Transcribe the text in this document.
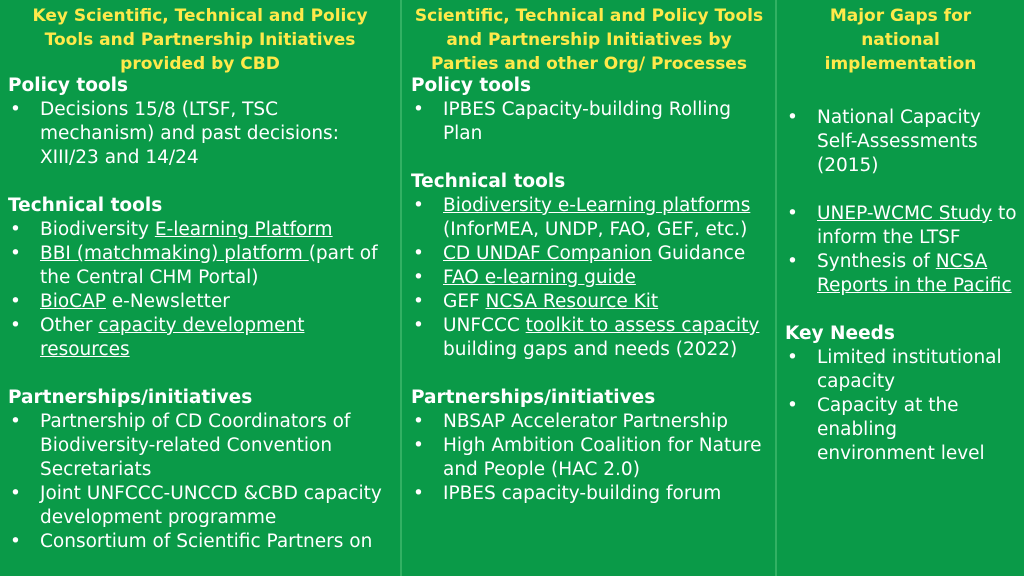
Key Scientific, Technical and Policy Tools and Partnership Initiatives provided by CBD

Policy tools

• Decisions 15/8 (LTSF, TSC mechanism) and past decisions: XIII/23 and 14/24

Technical tools

• Biodiversity E-learning Platform
• BBI (matchmaking) platform (part of the Central CHM Portal)
• BioCAP e-Newsletter
• Other capacity development resources

Partnerships/initiatives

• Partnership of CD Coordinators of Biodiversity-related Convention Secretariats
• Joint UNFCCC-UNCCD &CBD capacity development programme
• Consortium of Scientific Partners on
Scientific, Technical and Policy Tools and Partnership Initiatives by Parties and other Org/ Processes

Policy tools

• IPBES Capacity-building Rolling Plan

Technical tools

• Biodiversity e-Learning platforms (InforMEA, UNDP, FAO, GEF, etc.)
• CD UNDAF Companion Guidance
• FAO e-learning guide
• GEF NCSA Resource Kit
• UNFCCC toolkit to assess capacity building gaps and needs (2022)

Partnerships/initiatives

• NBSAP Accelerator Partnership
• High Ambition Coalition for Nature and People (HAC 2.0)
• IPBES capacity-building forum
Major Gaps for national implementation
• National Capacity Self-Assessments (2015)
• UNEP-WCMC Study to inform the LTSF
• Synthesis of NCSA Reports in the Pacific

Key Needs

• Limited institutional capacity
• Capacity at the enabling environment level
